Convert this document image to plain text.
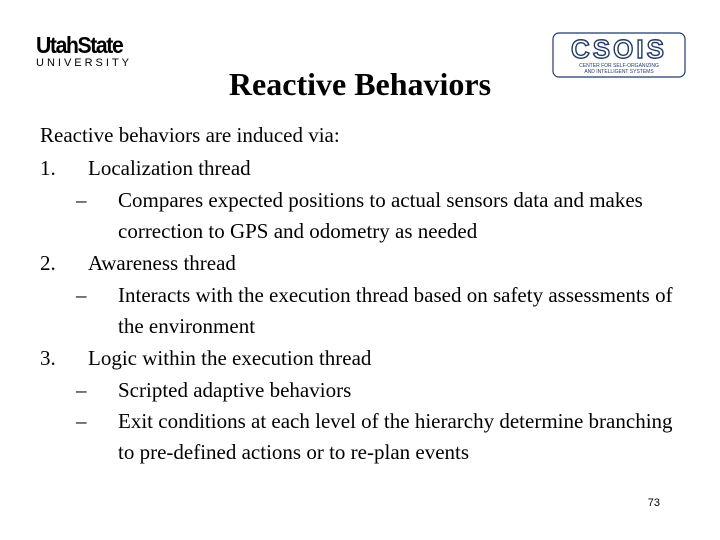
UtahState
UNIVERSITY	CSOIS
CENTER FOR SELF-ORGANIZING
AND INTELLIGENT SYSTEMS
Reactive Behaviors
Reactive behaviors are induced via:
1. Localization thread
– Compares expected positions to actual sensors data and makes correction to GPS and odometry as needed
2. Awareness thread
– Interacts with the execution thread based on safety assessments of the environment
3. Logic within the execution thread
– Scripted adaptive behaviors
– Exit conditions at each level of the hierarchy determine branching to pre-defined actions or to re-plan events
73
